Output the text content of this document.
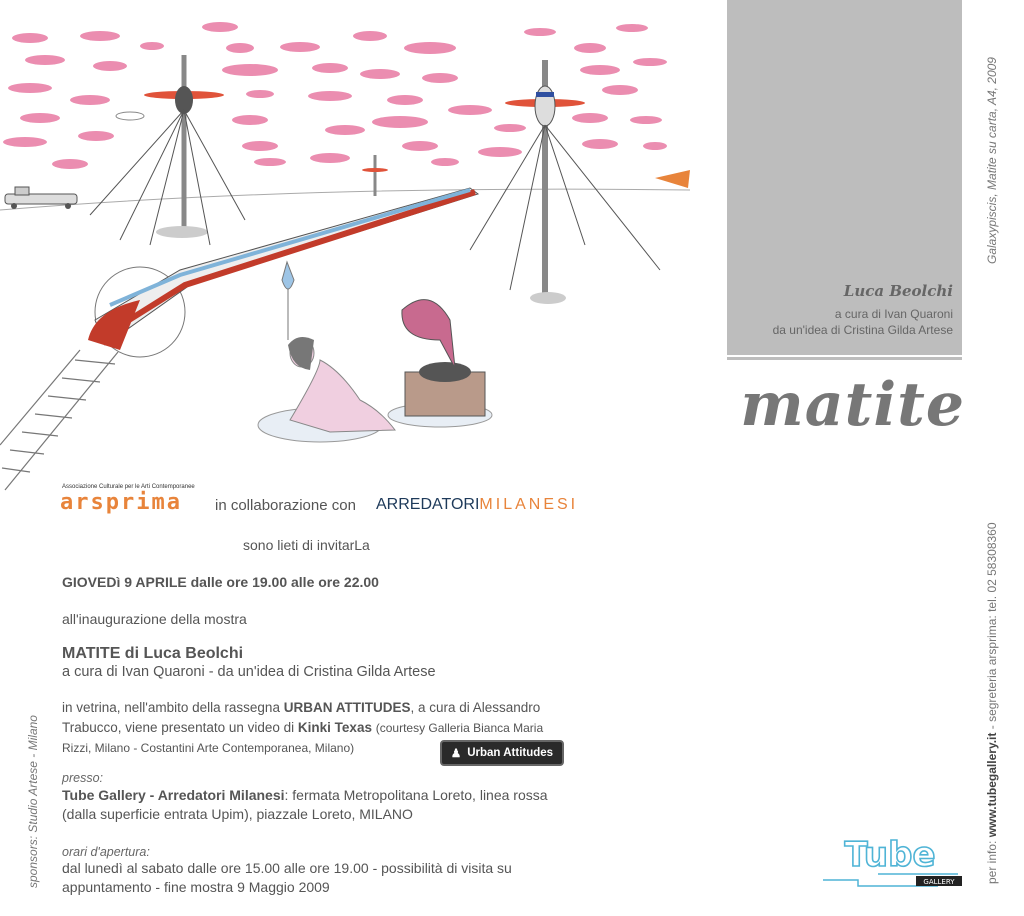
Luca Beolchi
a cura di Ivan Quaroni
da un'idea di Cristina Gilda Artese
matite
Galaxypiscis, Matite su carta, A4, 2009
per info: www.tubegallery.it - segreteria arsprima: tel. 02 58308360
sponsors: Studio Artese - Milano
Associazione Culturale per le Arti Contemporanee
arsprima in collaborazione con ARREDATORIMILANESI
sono lieti di invitarLa
GIOVEDì 9 APRILE dalle ore 19.00 alle ore 22.00
all'inaugurazione della mostra
MATITE di Luca Beolchi
a cura di Ivan Quaroni - da un'idea di Cristina Gilda Artese
in vetrina, nell'ambito della rassegna URBAN ATTITUDES, a cura di Alessandro Trabucco, viene presentato un video di Kinki Texas (courtesy Galleria Bianca Maria Rizzi, Milano - Costantini Arte Contemporanea, Milano)	♟ Urban Attitudes
presso:
Tube Gallery - Arredatori Milanesi: fermata Metropolitana Loreto, linea rossa (dalla superficie entrata Upim), piazzale Loreto, MILANO
orari d'apertura:
dal lunedì al sabato dalle ore 15.00 alle ore 19.00 - possibilità di visita su appuntamento - fine mostra 9 Maggio 2009
Tube
GALLERY
